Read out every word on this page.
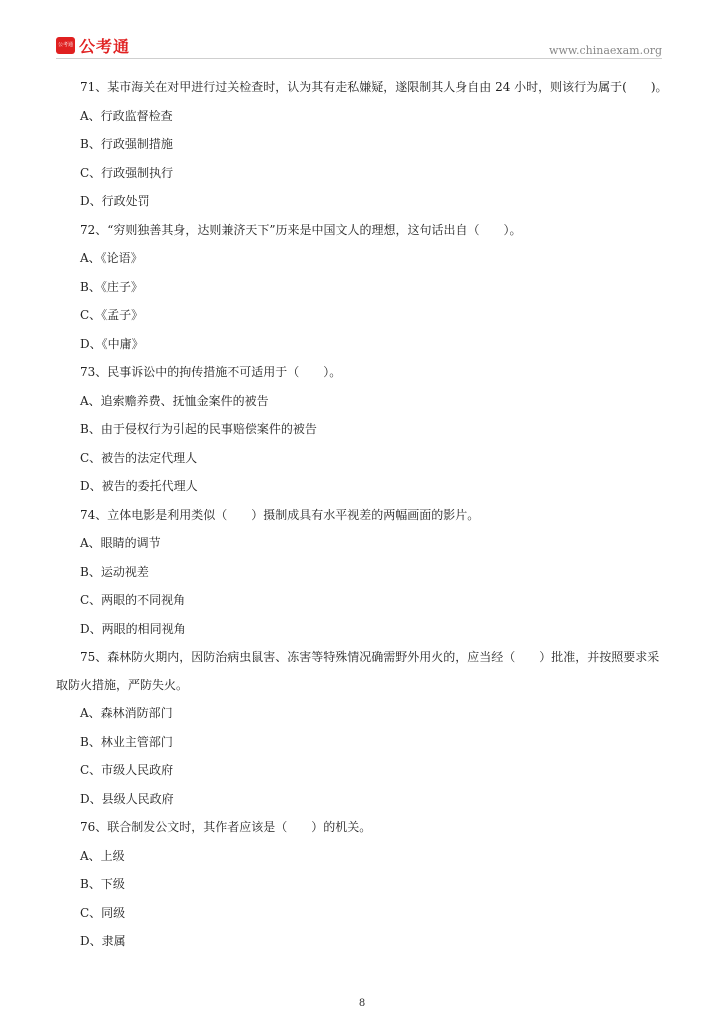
公考通 公考通	www.chinaexam.org
71、某市海关在对甲进行过关检查时，认为其有走私嫌疑，遂限制其人身自由 24 小时，则该行为属于(　　)。
A、行政监督检查
B、行政强制措施
C、行政强制执行
D、行政处罚
72、“穷则独善其身，达则兼济天下”历来是中国文人的理想，这句话出自（　　）。
A、《论语》
B、《庄子》
C、《孟子》
D、《中庸》
73、民事诉讼中的拘传措施不可适用于（　　）。
A、追索赡养费、抚恤金案件的被告
B、由于侵权行为引起的民事赔偿案件的被告
C、被告的法定代理人
D、被告的委托代理人
74、立体电影是利用类似（　　）摄制成具有水平视差的两幅画面的影片。
A、眼睛的调节
B、运动视差
C、两眼的不同视角
D、两眼的相同视角
75、森林防火期内，因防治病虫鼠害、冻害等特殊情况确需野外用火的，应当经（　　）批准，并按照要求采取防火措施，严防失火。
A、森林消防部门
B、林业主管部门
C、市级人民政府
D、县级人民政府
76、联合制发公文时，其作者应该是（　　）的机关。
A、上级
B、下级
C、同级
D、隶属
8
